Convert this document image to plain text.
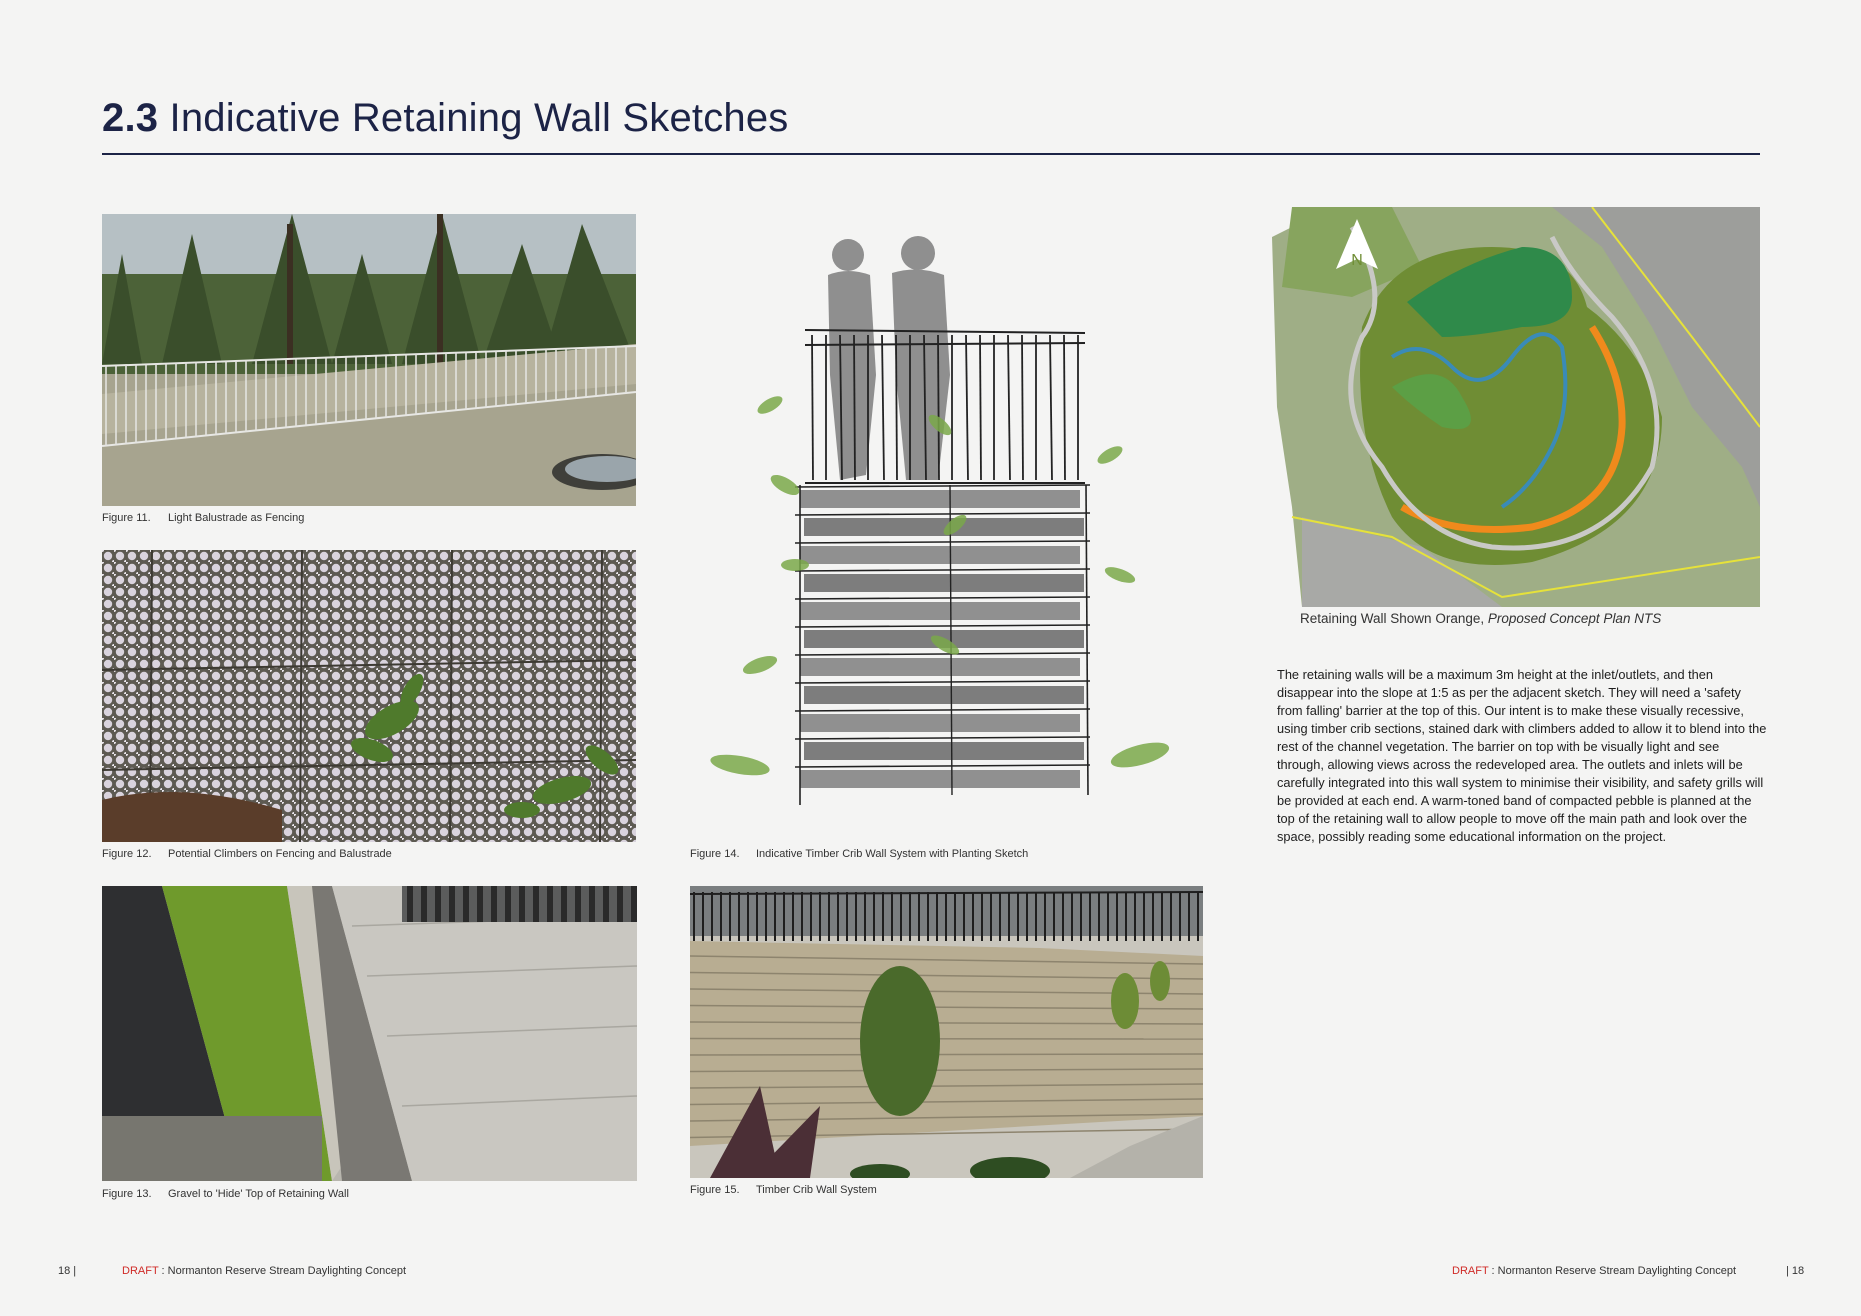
2.3 Indicative Retaining Wall Sketches
Figure 11. Light Balustrade as Fencing
Figure 12. Potential Climbers on Fencing and Balustrade
Figure 13. Gravel to 'Hide' Top of Retaining Wall
Figure 14. Indicative Timber Crib Wall System with Planting Sketch
Figure 15. Timber Crib Wall System
N
Retaining Wall Shown Orange, Proposed Concept Plan NTS

The retaining walls will be a maximum 3m height at the inlet/outlets, and then disappear into the slope at 1:5 as per the adjacent sketch. They will need a 'safety from falling' barrier at the top of this. Our intent is to make these visually recessive, using timber crib sections, stained dark with climbers added to allow it to blend into the rest of the channel vegetation. The barrier on top with be visually light and see through, allowing views across the redeveloped area. The outlets and inlets will be carefully integrated into this wall system to minimise their visibility, and safety grills will be provided at each end. A warm-toned band of compacted pebble is planned at the top of the retaining wall to allow people to move off the main path and look over the space, possibly reading some educational information on the project.

18 |	DRAFT : Normanton Reserve Stream Daylighting Concept	DRAFT : Normanton Reserve Stream Daylighting Concept	| 18
